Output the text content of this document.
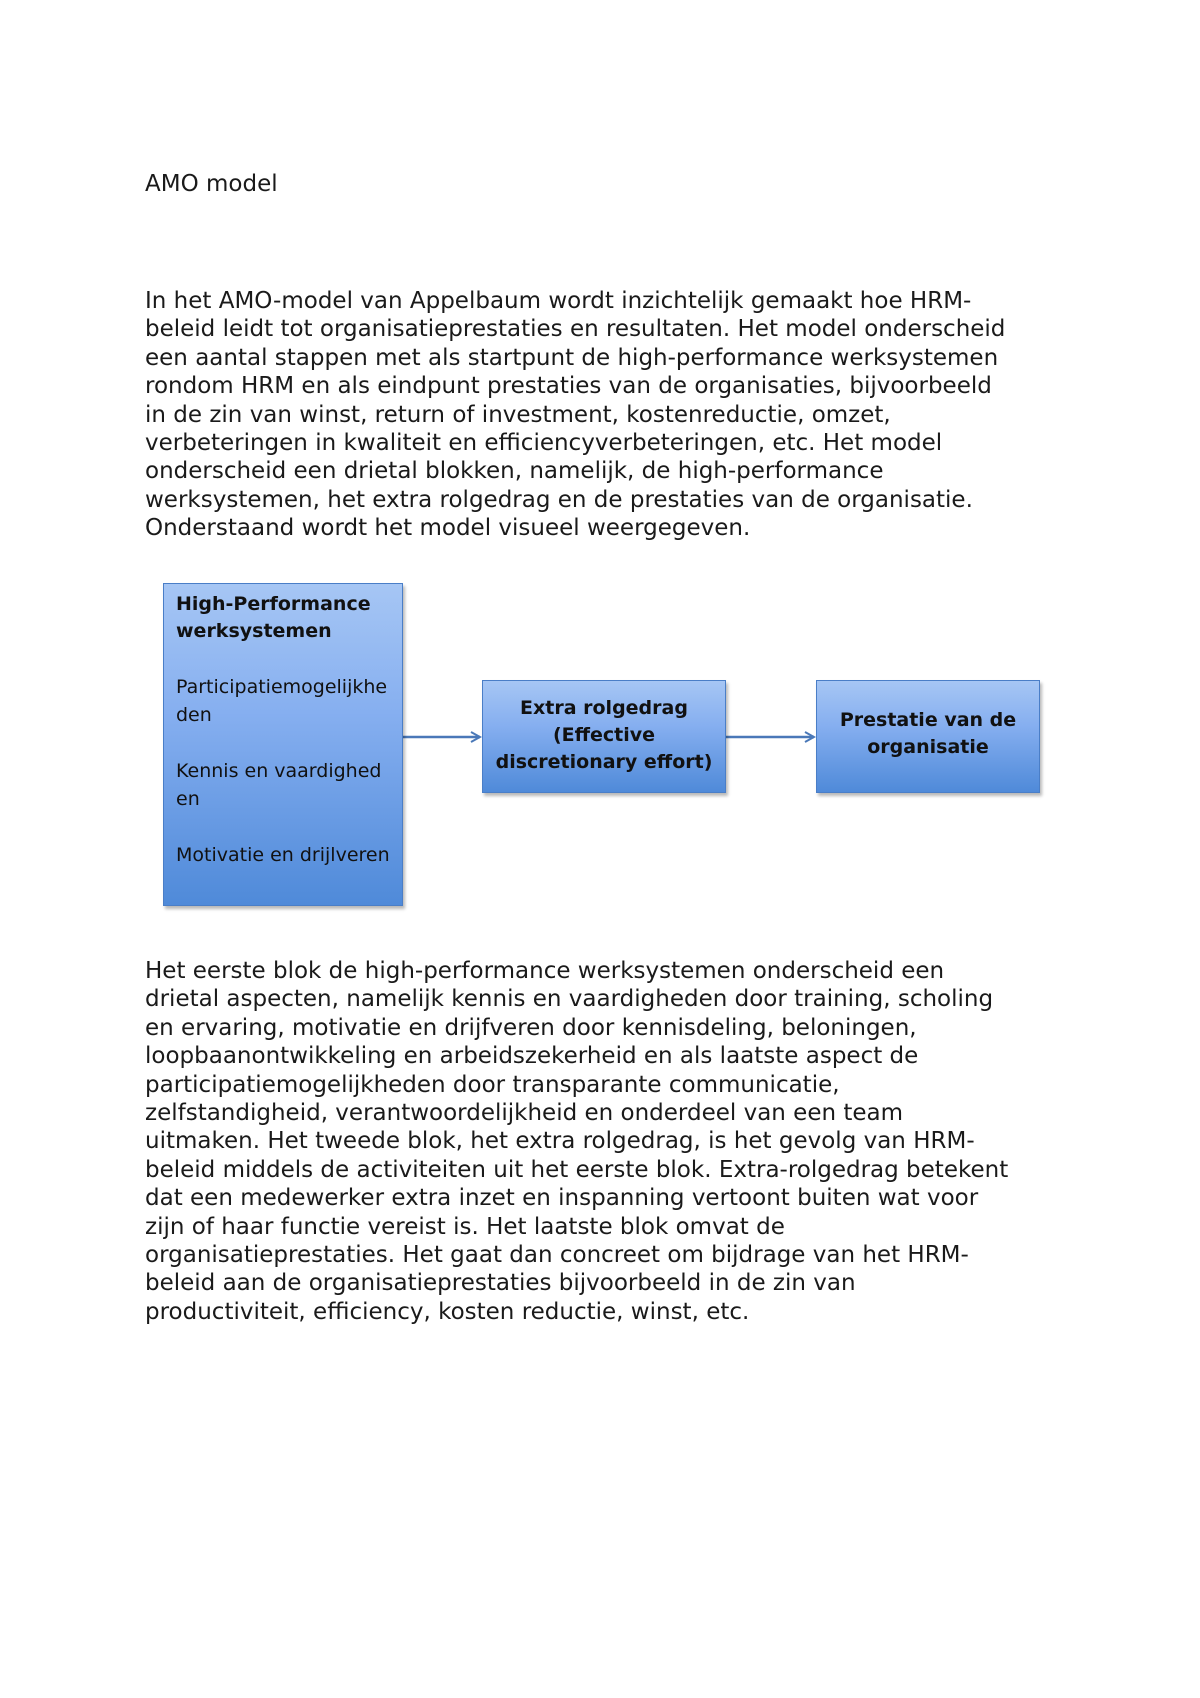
AMO model

In het AMO-model van Appelbaum wordt inzichtelijk gemaakt hoe HRM-
beleid leidt tot organisatieprestaties en resultaten. Het model onderscheid
een aantal stappen met als startpunt de high-performance werksystemen
rondom HRM en als eindpunt prestaties van de organisaties, bijvoorbeeld
in de zin van winst, return of investment, kostenreductie, omzet,
verbeteringen in kwaliteit en efficiencyverbeteringen, etc. Het model
onderscheid een drietal blokken, namelijk, de high-performance
werksystemen, het extra rolgedrag en de prestaties van de organisatie.
Onderstaand wordt het model visueel weergegeven.

High-Performance werksystemen

Participatiemogelijkheden

Kennis en vaardigheden

Motivatie en drijlveren

Extra rolgedrag

(Effective discretionary effort)

Prestatie van de organisatie

Het eerste blok de high-performance werksystemen onderscheid een
drietal aspecten, namelijk kennis en vaardigheden door training, scholing
en ervaring, motivatie en drijfveren door kennisdeling, beloningen,
loopbaanontwikkeling en arbeidszekerheid en als laatste aspect de
participatiemogelijkheden door transparante communicatie,
zelfstandigheid, verantwoordelijkheid en onderdeel van een team
uitmaken. Het tweede blok, het extra rolgedrag, is het gevolg van HRM-
beleid middels de activiteiten uit het eerste blok. Extra-rolgedrag betekent
dat een medewerker extra inzet en inspanning vertoont buiten wat voor
zijn of haar functie vereist is. Het laatste blok omvat de
organisatieprestaties. Het gaat dan concreet om bijdrage van het HRM-
beleid aan de organisatieprestaties bijvoorbeeld in de zin van
productiviteit, efficiency, kosten reductie, winst, etc.
